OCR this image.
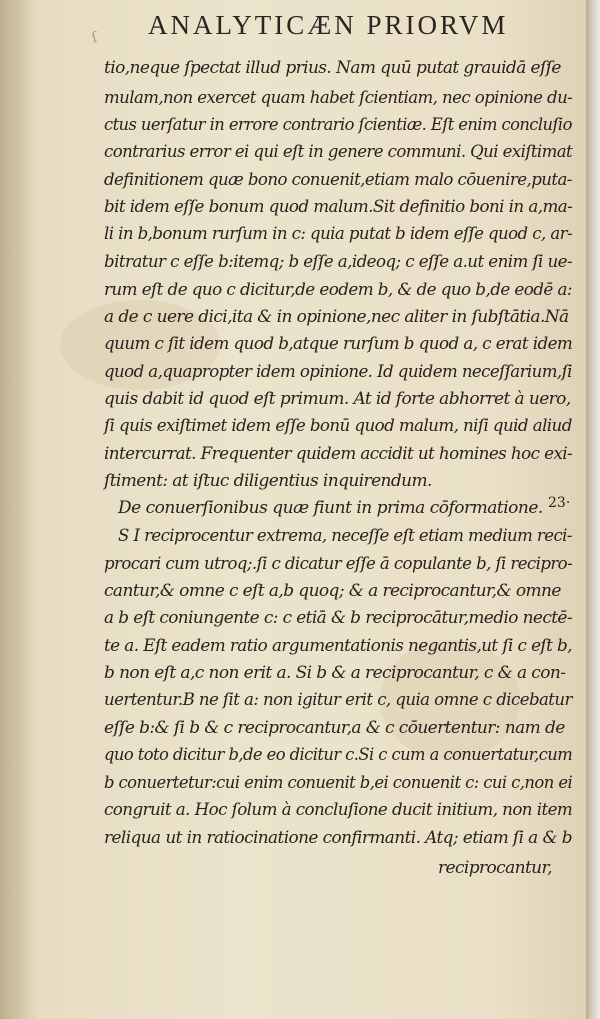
ſ ANALYTICÆN PRIORVM
tio,neque ſpectat illud prius. Nam quū putat grauidā eſſe
mulam,non exercet quam habet ſcientiam, nec opinione du-
ctus uerſatur in errore contrario ſcientiæ. Eſt enim concluſio
contrarius error ei qui eſt in genere communi. Qui exiſtimat
definitionem quæ bono conuenit,etiam malo cōuenire,puta-
bit idem eſſe bonum quod malum.Sit definitio boni in a,ma-
li in b,bonum rurſum in c: quia putat b idem eſſe quod c, ar-
bitratur c eſſe b:itemq; b eſſe a,ideoq; c eſſe a.ut enim ſi ue-
rum eſt de quo c dicitur,de eodem b, & de quo b,de eodē a:
a de c uere dici,ita & in opinione,nec aliter in ſubſtātia.Nā
quum c ſit idem quod b,atque rurſum b quod a, c erat idem
quod a,quapropter idem opinione. Id quidem neceſſarium,ſi
quis dabit id quod eſt primum. At id forte abhorret à uero,
ſi quis exiſtimet idem eſſe bonū quod malum, niſi quid aliud
intercurrat. Frequenter quidem accidit ut homines hoc exi-
ſtiment: at iſtuc diligentius inquirendum.
De conuerſionibus quæ fiunt in prima cōformatione. 23·
S I reciprocentur extrema, neceſſe eſt etiam medium reci-
procari cum utroq;.ſi c dicatur eſſe ā copulante b, ſi recipro-
cantur,& omne c eſt a,b quoq; & a reciprocantur,& omne
a b eſt coniungente c: c etiā & b reciprocātur,medio nectē-
te a. Eſt eadem ratio argumentationis negantis,ut ſi c eſt b,
b non eſt a,c non erit a. Si b & a reciprocantur, c & a con-
uertentur.B ne ſit a: non igitur erit c, quia omne c dicebatur
eſſe b:& ſi b & c reciprocantur,a & c cōuertentur: nam de
quo toto dicitur b,de eo dicitur c.Si c cum a conuertatur,cum
b conuertetur:cui enim conuenit b,ei conuenit c: cui c,non ei
congruit a. Hoc ſolum à concluſione ducit initium, non item
reliqua ut in ratiocinatione confirmanti. Atq; etiam ſi a & b
reciprocantur,
